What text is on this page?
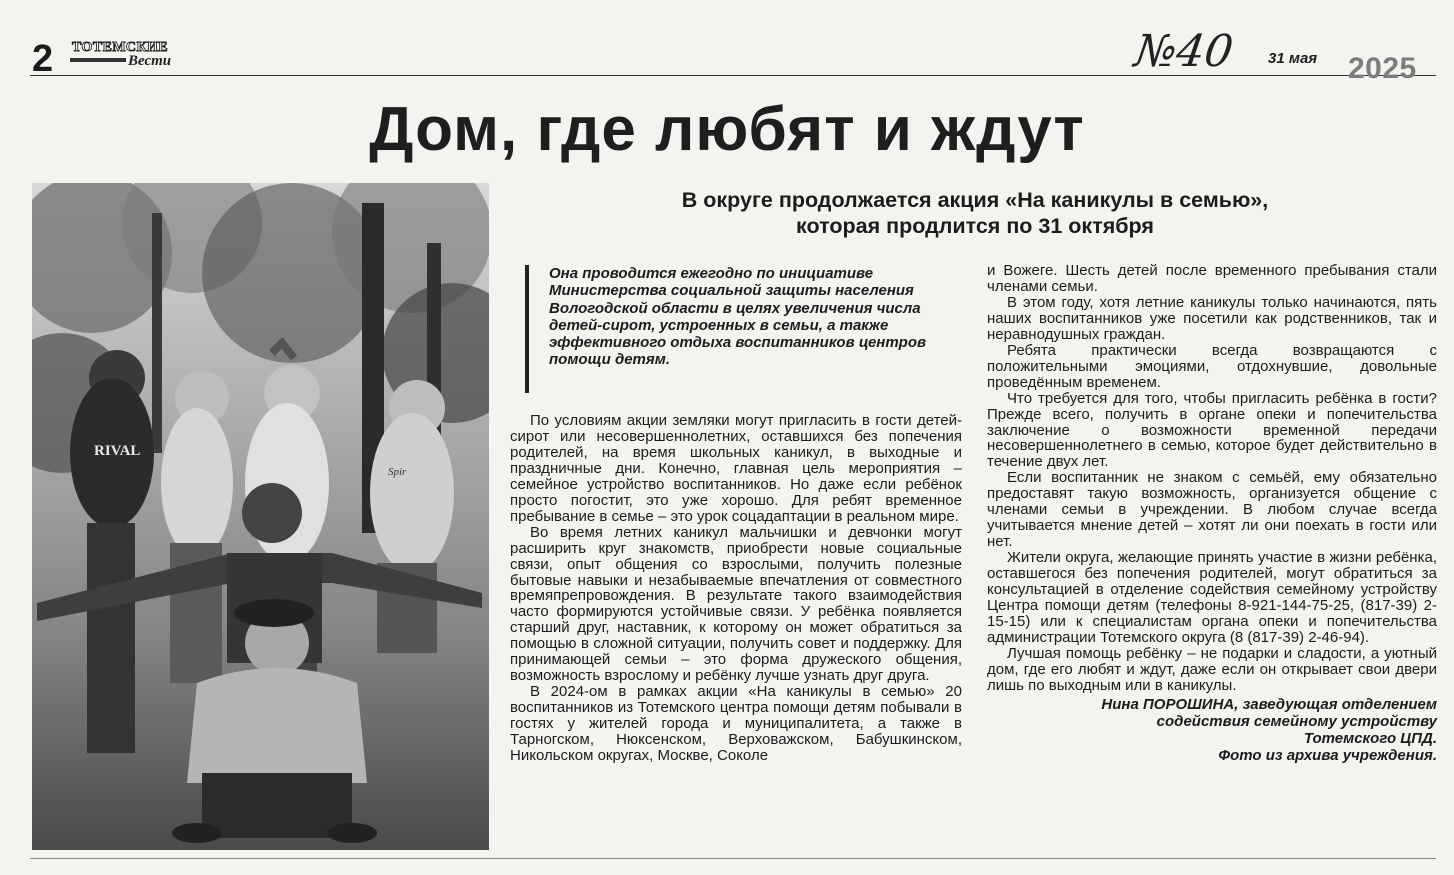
2 ТОТЕМСКИЕ
Вести	№40 31 мая 2025
Дом, где любят и ждут
RIVAL
Spir
В округе продолжается акция «На каникулы в семью»,
которая продлится по 31 октября

Она проводится ежегодно по инициативе Министерства социальной защиты населения Вологодской области в целях увеличения числа детей-сирот, устроенных в семьи, а также эффективного отдыха воспитанников центров помощи детям.

По условиям акции земляки могут пригласить в гости детей-сирот или несовершеннолетних, оставшихся без попечения родителей, на время школьных каникул, в выходные и праздничные дни. Конечно, главная цель мероприятия – семейное устройство воспитанников. Но даже если ребёнок просто погостит, это уже хорошо. Для ребят временное пребывание в семье – это урок соцадаптации в реальном мире.

Во время летних каникул мальчишки и девчонки могут расширить круг знакомств, приобрести новые социальные связи, опыт общения со взрослыми, получить полезные бытовые навыки и незабываемые впечатления от совместного времяпрепровождения. В результате такого взаимодействия часто формируются устойчивые связи. У ребёнка появляется старший друг, наставник, к которому он может обратиться за помощью в сложной ситуации, получить совет и поддержку. Для принимающей семьи – это форма дружеского общения, возможность взрослому и ребёнку лучше узнать друг друга.

В 2024-ом в рамках акции «На каникулы в семью» 20 воспитанников из Тотемского центра помощи детям побывали в гостях у жителей города и муниципалитета, а также в Тарногском, Нюксенском, Верховажском, Бабушкинском, Никольском округах, Москве, Соколе

и Вожеге. Шесть детей после временного пребывания стали членами семьи.

В этом году, хотя летние каникулы только начинаются, пять наших воспитанников уже посетили как родственников, так и неравнодушных граждан.

Ребята практически всегда возвращаются с положительными эмоциями, отдохнувшие, довольные проведённым временем.

Что требуется для того, чтобы пригласить ребёнка в гости? Прежде всего, получить в органе опеки и попечительства заключение о возможности временной передачи несовершеннолетнего в семью, которое будет действительно в течение двух лет.

Если воспитанник не знаком с семьёй, ему обязательно предоставят такую возможность, организуется общение с членами семьи в учреждении. В любом случае всегда учитывается мнение детей – хотят ли они поехать в гости или нет.

Жители округа, желающие принять участие в жизни ребёнка, оставшегося без попечения родителей, могут обратиться за консультацией в отделение содействия семейному устройству Центра помощи детям (телефоны 8-921-144-75-25, (817-39) 2-15-15) или к специалистам органа опеки и попечительства администрации Тотемского округа (8 (817-39) 2-46-94).

Лучшая помощь ребёнку – не подарки и сладости, а уютный дом, где его любят и ждут, даже если он открывает свои двери лишь по выходным или в каникулы.

Нина ПОРОШИНА, заведующая отделением
содействия семейному устройству
Тотемского ЦПД.
Фото из архива учреждения.
